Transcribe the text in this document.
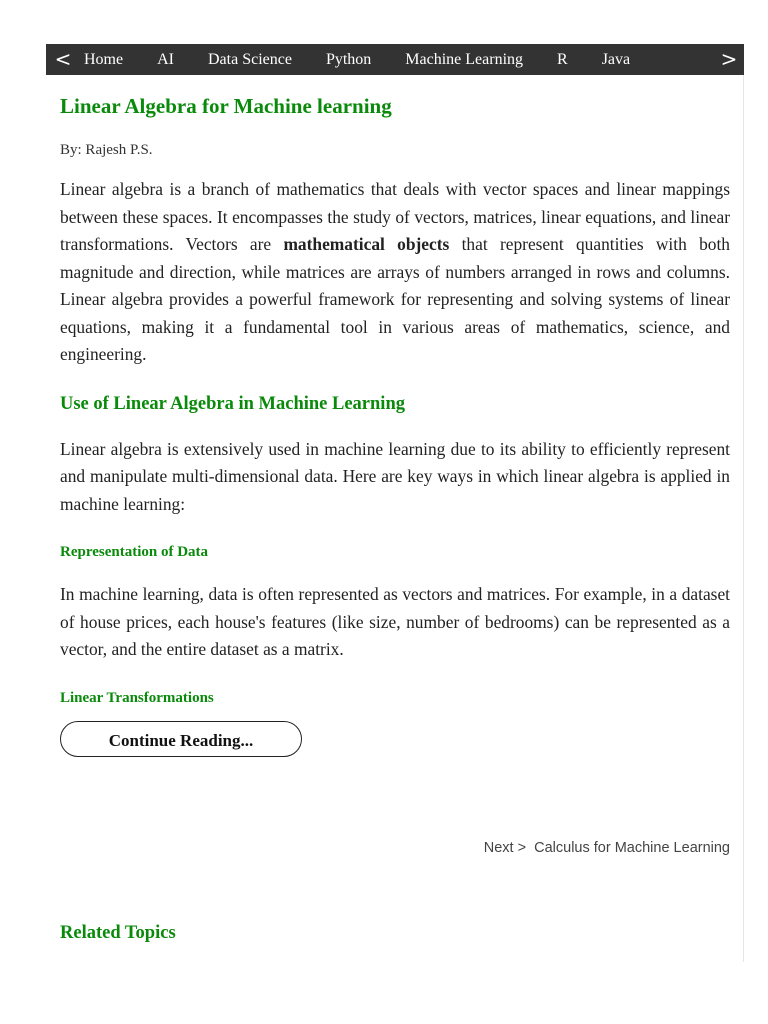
< Home	AI	Data Science	Python	Machine Learning	R	Java	>
Linear Algebra for Machine learning
By: Rajesh P.S.

Linear algebra is a branch of mathematics that deals with vector spaces and linear mappings between these spaces. It encompasses the study of vectors, matrices, linear equations, and linear transformations. Vectors are mathematical objects that represent quantities with both magnitude and direction, while matrices are arrays of numbers arranged in rows and columns. Linear algebra provides a powerful framework for representing and solving systems of linear equations, making it a fundamental tool in various areas of mathematics, science, and engineering.

Use of Linear Algebra in Machine Learning

Linear algebra is extensively used in machine learning due to its ability to efficiently represent and manipulate multi-dimensional data. Here are key ways in which linear algebra is applied in machine learning:

Representation of Data

In machine learning, data is often represented as vectors and matrices. For example, in a dataset of house prices, each house's features (like size, number of bedrooms) can be represented as a vector, and the entire dataset as a matrix.

Linear Transformations
Continue Reading...
Next > Calculus for Machine Learning
Related Topics
